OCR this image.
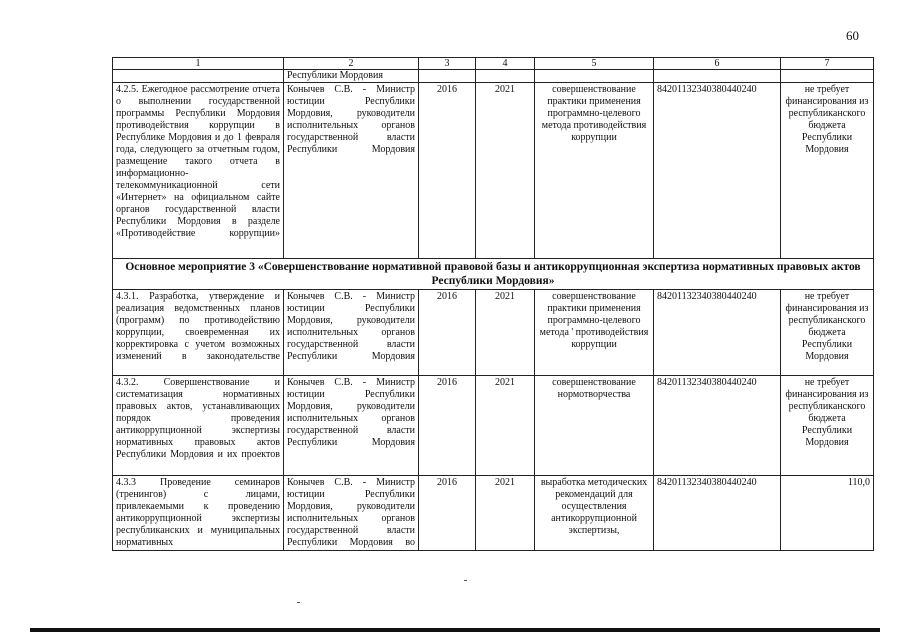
60
1	2	3	4	5	6	7
	Республики Мордовия					
4.2.5. Ежегодное рассмотрение отчета о выполнении государственной программы Республики Мордовия противодействия коррупции в Республике Мордовия и до 1 февраля года, следующего за отчетным годом, размещение такого отчета в информационно-телекоммуникационной сети «Интернет» на официальном сайте органов государственной власти Республики Мордовия в разделе «Противодействие коррупции»	Конычев С.В. - Министр юстиции Республики Мордовия, руководители исполнительных органов государственной власти Республики Мордовия	2016	2021	совершенствование практики применения программно-целевого метода противодействия коррупции	84201132340380440240	не требует финансирования из республиканского бюджета Республики Мордовия
Основное мероприятие 3 «Совершенствование нормативной правовой базы и антикоррупционная экспертиза нормативных правовых актов Республики Мордовия»						
4.3.1. Разработка, утверждение и реализация ведомственных планов (программ) по противодействию коррупции, своевременная их корректировка с учетом возможных изменений в законодательстве	Конычев С.В. - Министр юстиции Республики Мордовия, руководители исполнительных органов государственной власти Республики Мордовия	2016	2021	совершенствование практики применения программно-целевого метода ' противодействия коррупции	84201132340380440240	не требует финансирования из республиканского бюджета Республики Мордовия
4.3.2. Совершенствование и систематизация нормативных правовых актов, устанавливающих порядок проведения антикоррупционной экспертизы нормативных правовых актов Республики Мордовия и их проектов	Конычев С.В. - Министр юстиции Республики Мордовия, руководители исполнительных органов государственной власти Республики Мордовия	2016	2021	совершенствование нормотворчества	84201132340380440240	не требует финансирования из республиканского бюджета Республики Мордовия
4.3.3 Проведение семинаров (тренингов) с лицами, привлекаемыми к проведению антикоррупционной экспертизы республиканских и муниципальных нормативных	Конычев С.В. - Министр юстиции Республики Мордовия, руководители исполнительных органов государственной власти Республики Мордовия во	2016	2021	выработка методических рекомендаций для осуществления антикоррупционной экспертизы,	84201132340380440240	110,0
